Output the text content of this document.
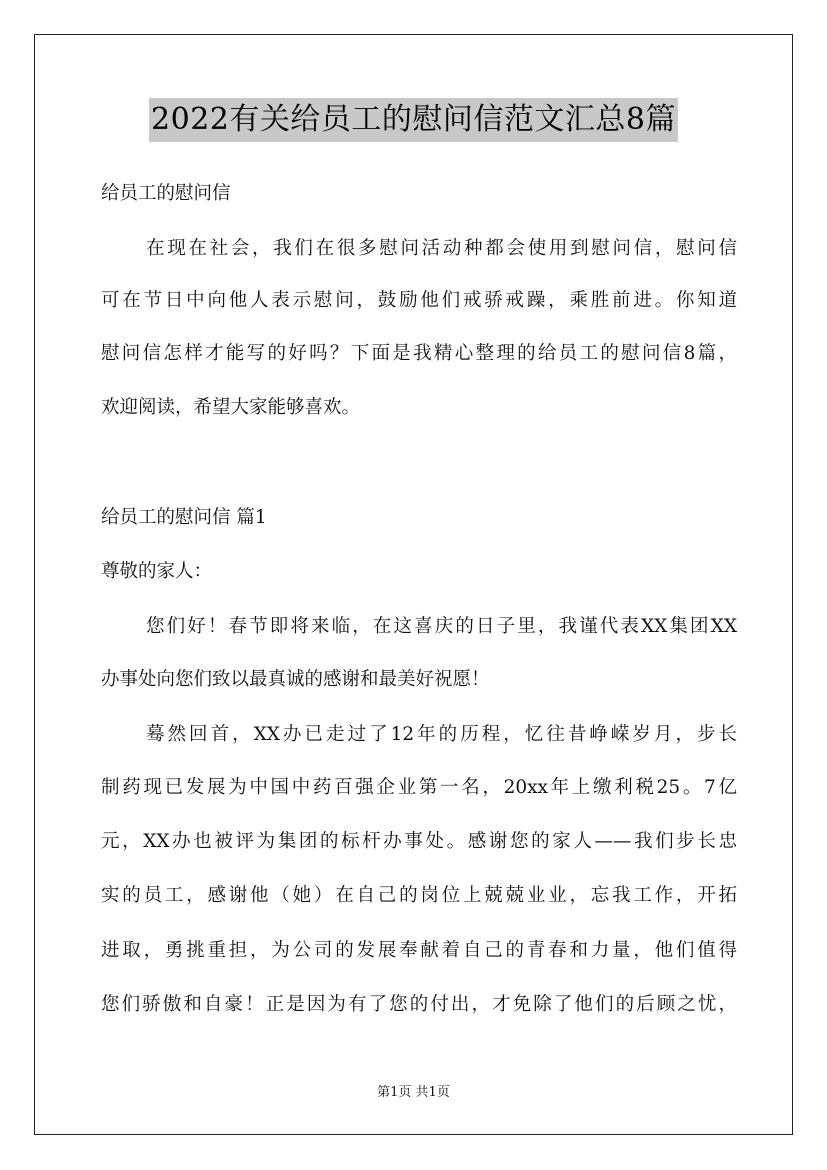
2022有关给员工的慰问信范文汇总8篇
给员工的慰问信
在现在社会，我们在很多慰问活动种都会使用到慰问信，慰问信
可在节日中向他人表示慰问，鼓励他们戒骄戒躁，乘胜前进。你知道
慰问信怎样才能写的好吗？下面是我精心整理的给员工的慰问信8篇，
欢迎阅读，希望大家能够喜欢。
给员工的慰问信 篇1
尊敬的家人：
您们好！春节即将来临，在这喜庆的日子里，我谨代表XX集团XX
办事处向您们致以最真诚的感谢和最美好祝愿！
蓦然回首，XX办已走过了12年的历程，忆往昔峥嵘岁月，步长
制药现已发展为中国中药百强企业第一名，20xx年上缴利税25。7亿
元，XX办也被评为集团的标杆办事处。感谢您的家人——我们步长忠
实的员工，感谢他（她）在自己的岗位上兢兢业业，忘我工作，开拓
进取，勇挑重担，为公司的发展奉献着自己的青春和力量，他们值得
您们骄傲和自豪！正是因为有了您的付出，才免除了他们的后顾之忧，
第1页 共1页
